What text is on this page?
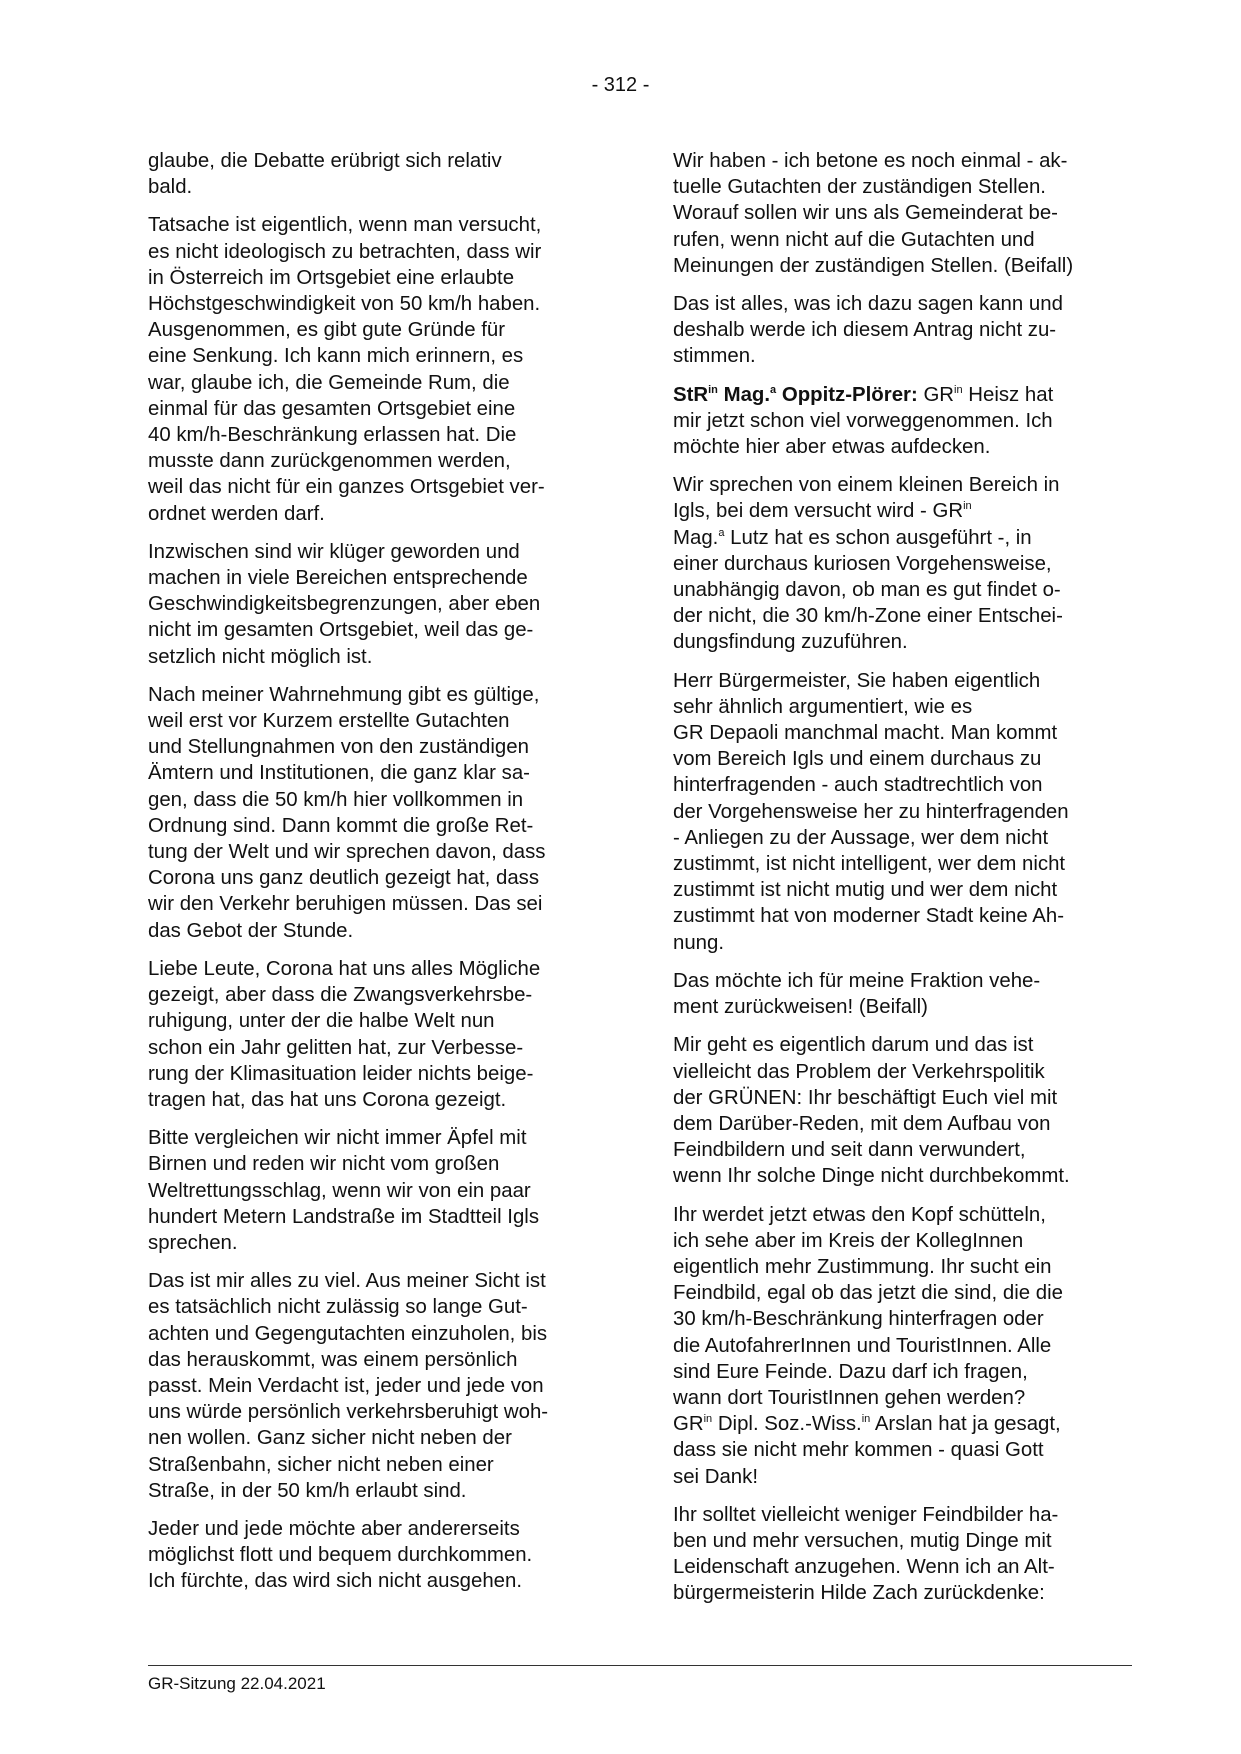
- 312 -

glaube, die Debatte erübrigt sich relativ
bald.

Tatsache ist eigentlich, wenn man versucht,
es nicht ideologisch zu betrachten, dass wir
in Österreich im Ortsgebiet eine erlaubte
Höchstgeschwindigkeit von 50 km/h haben.
Ausgenommen, es gibt gute Gründe für
eine Senkung. Ich kann mich erinnern, es
war, glaube ich, die Gemeinde Rum, die
einmal für das gesamten Ortsgebiet eine
40 km/h-Beschränkung erlassen hat. Die
musste dann zurückgenommen werden,
weil das nicht für ein ganzes Ortsgebiet ver-
ordnet werden darf.

Inzwischen sind wir klüger geworden und
machen in viele Bereichen entsprechende
Geschwindigkeitsbegrenzungen, aber eben
nicht im gesamten Ortsgebiet, weil das ge-
setzlich nicht möglich ist.

Nach meiner Wahrnehmung gibt es gültige,
weil erst vor Kurzem erstellte Gutachten
und Stellungnahmen von den zuständigen
Ämtern und Institutionen, die ganz klar sa-
gen, dass die 50 km/h hier vollkommen in
Ordnung sind. Dann kommt die große Ret-
tung der Welt und wir sprechen davon, dass
Corona uns ganz deutlich gezeigt hat, dass
wir den Verkehr beruhigen müssen. Das sei
das Gebot der Stunde.

Liebe Leute, Corona hat uns alles Mögliche
gezeigt, aber dass die Zwangsverkehrsbe-
ruhigung, unter der die halbe Welt nun
schon ein Jahr gelitten hat, zur Verbesse-
rung der Klimasituation leider nichts beige-
tragen hat, das hat uns Corona gezeigt.

Bitte vergleichen wir nicht immer Äpfel mit
Birnen und reden wir nicht vom großen
Weltrettungsschlag, wenn wir von ein paar
hundert Metern Landstraße im Stadtteil Igls
sprechen.

Das ist mir alles zu viel. Aus meiner Sicht ist
es tatsächlich nicht zulässig so lange Gut-
achten und Gegengutachten einzuholen, bis
das herauskommt, was einem persönlich
passt. Mein Verdacht ist, jeder und jede von
uns würde persönlich verkehrsberuhigt woh-
nen wollen. Ganz sicher nicht neben der
Straßenbahn, sicher nicht neben einer
Straße, in der 50 km/h erlaubt sind.

Jeder und jede möchte aber andererseits
möglichst flott und bequem durchkommen.
Ich fürchte, das wird sich nicht ausgehen.

Wir haben - ich betone es noch einmal - ak-
tuelle Gutachten der zuständigen Stellen.
Worauf sollen wir uns als Gemeinderat be-
rufen, wenn nicht auf die Gutachten und
Meinungen der zuständigen Stellen. (Beifall)

Das ist alles, was ich dazu sagen kann und
deshalb werde ich diesem Antrag nicht zu-
stimmen.

StR$^{in}$ Mag.$^a$ Oppitz-Plörer: $GR^{in}$ Heisz hat
mir jetzt schon viel vorweggenommen. Ich
möchte hier aber etwas aufdecken.

Wir sprechen von einem kleinen Bereich in
Igls, bei dem versucht wird - $GR^{in}$
Mag.$^a$ Lutz hat es schon ausgeführt -, in
einer durchaus kuriosen Vorgehensweise,
unabhängig davon, ob man es gut findet o-
der nicht, die 30 km/h-Zone einer Entschei-
dungsfindung zuzuführen.

Herr Bürgermeister, Sie haben eigentlich
sehr ähnlich argumentiert, wie es
GR Depaoli manchmal macht. Man kommt
vom Bereich Igls und einem durchaus zu
hinterfragenden - auch stadtrechtlich von
der Vorgehensweise her zu hinterfragenden
- Anliegen zu der Aussage, wer dem nicht
zustimmt, ist nicht intelligent, wer dem nicht
zustimmt ist nicht mutig und wer dem nicht
zustimmt hat von moderner Stadt keine Ah-
nung.

Das möchte ich für meine Fraktion vehe-
ment zurückweisen! (Beifall)

Mir geht es eigentlich darum und das ist
vielleicht das Problem der Verkehrspolitik
der GRÜNEN: Ihr beschäftigt Euch viel mit
dem Darüber-Reden, mit dem Aufbau von
Feindbildern und seit dann verwundert,
wenn Ihr solche Dinge nicht durchbekommt.

Ihr werdet jetzt etwas den Kopf schütteln,
ich sehe aber im Kreis der KollegInnen
eigentlich mehr Zustimmung. Ihr sucht ein
Feindbild, egal ob das jetzt die sind, die die
30 km/h-Beschränkung hinterfragen oder
die AutofahrerInnen und TouristInnen. Alle
sind Eure Feinde. Dazu darf ich fragen,
wann dort TouristInnen gehen werden?
$GR^{in}$ Dipl. Soz.-Wiss.$^{in}$ Arslan hat ja gesagt,
dass sie nicht mehr kommen - quasi Gott
sei Dank!

Ihr solltet vielleicht weniger Feindbilder ha-
ben und mehr versuchen, mutig Dinge mit
Leidenschaft anzugehen. Wenn ich an Alt-
bürgermeisterin Hilde Zach zurückdenke:

GR-Sitzung 22.04.2021
